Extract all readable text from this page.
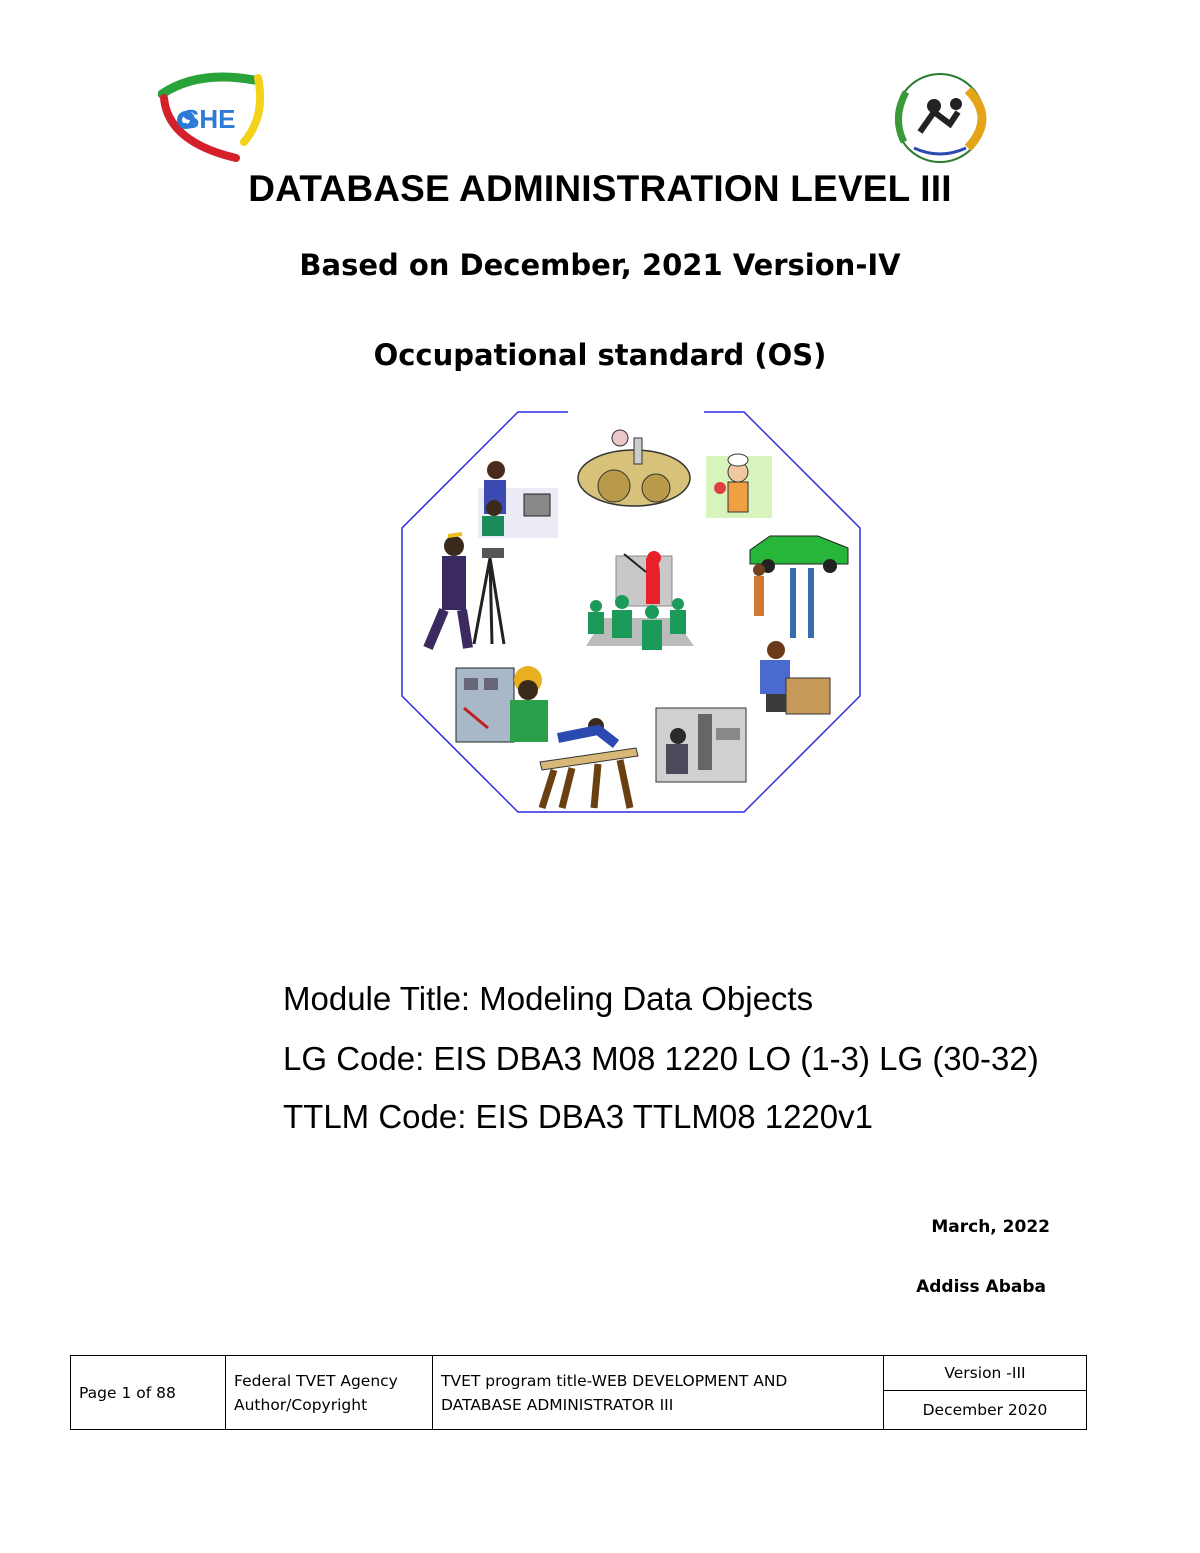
SHE
DATABASE ADMINISTRATION LEVEL III
Based on December, 2021 Version-IV
Occupational standard (OS)
Module Title: Modeling Data Objects
LG Code: EIS DBA3 M08 1220 LO (1-3) LG (30-32)
TTLM Code: EIS DBA3 TTLM08 1220v1
March, 2022
Addiss Ababa
Page 1 of 88
Federal TVET Agency
Author/Copyright
TVET program title-WEB DEVELOPMENT AND
DATABASE ADMINISTRATOR III
Version -III
December 2020
